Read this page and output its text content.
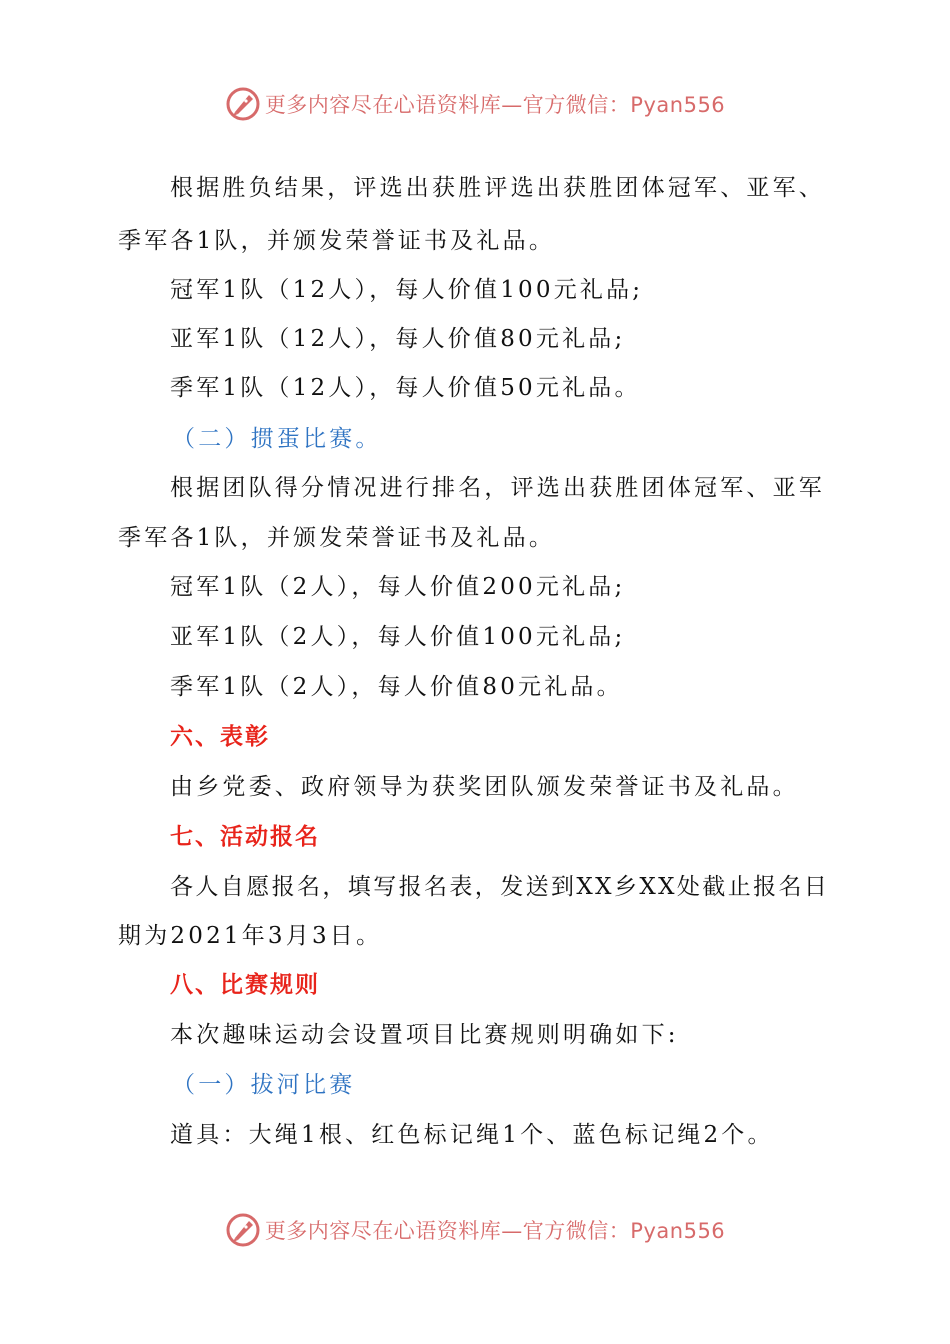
更多内容尽在心语资料库—官方微信：Pyan556
根据胜负结果，评选出获胜评选出获胜团体冠军、亚军、
季军各1队，并颁发荣誉证书及礼品。
冠军1队（12人），每人价值100元礼品;
亚军1队（12人），每人价值80元礼品;
季军1队（12人），每人价值50元礼品。
（二）掼蛋比赛。
根据团队得分情况进行排名，评选出获胜团体冠军、亚军
季军各1队，并颁发荣誉证书及礼品。
冠军1队（2人），每人价值200元礼品;
亚军1队（2人），每人价值100元礼品;
季军1队（2人），每人价值80元礼品。
六、表彰
由乡党委、政府领导为获奖团队颁发荣誉证书及礼品。
七、活动报名
各人自愿报名，填写报名表，发送到XX乡XX处截止报名日
期为2021年3月3日。
八、比赛规则
本次趣味运动会设置项目比赛规则明确如下:
（一）拔河比赛
道具：大绳1根、红色标记绳1个、蓝色标记绳2个。
更多内容尽在心语资料库—官方微信：Pyan556
